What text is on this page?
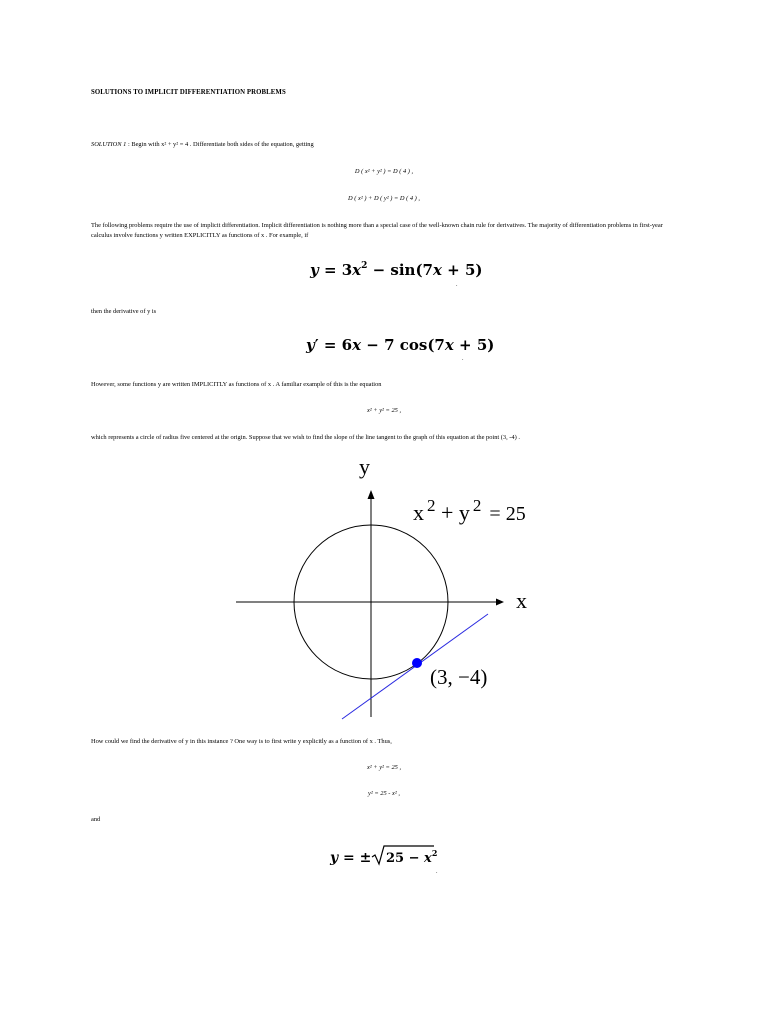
SOLUTIONS TO IMPLICIT DIFFERENTIATION PROBLEMS
SOLUTION 1 : Begin with x² + y² = 4 . Differentiate both sides of the equation, getting
D ( x² + y² ) = D ( 4 ) ,
D ( x² ) + D ( y² ) = D ( 4 ) ,
The following problems require the use of implicit differentiation. Implicit differentiation is nothing more than a special case of the well-known chain rule for derivatives. The majority of differentiation problems in first-year calculus involve functions y written EXPLICITLY as functions of x . For example, if
$y = 3x^2 - \sin(7x + 5)$
.
then the derivative of y is
y′ = 6x − 7 cos(7x + 5)
.
However, some functions y are written IMPLICITLY as functions of x . A familiar example of this is the equation
x² + y² = 25 ,
which represents a circle of radius five centered at the origin. Suppose that we wish to find the slope of the line tangent to the graph of this equation at the point (3, -4) .
y
x
x $^2$ + y $^2$ = 25
(3, −4)
How could we find the derivative of y in this instance ? One way is to first write y explicitly as a function of x . Thus,
x² + y² = 25 ,
y² = 25 - x² ,
and
y = ± $25 - x^2$
.
